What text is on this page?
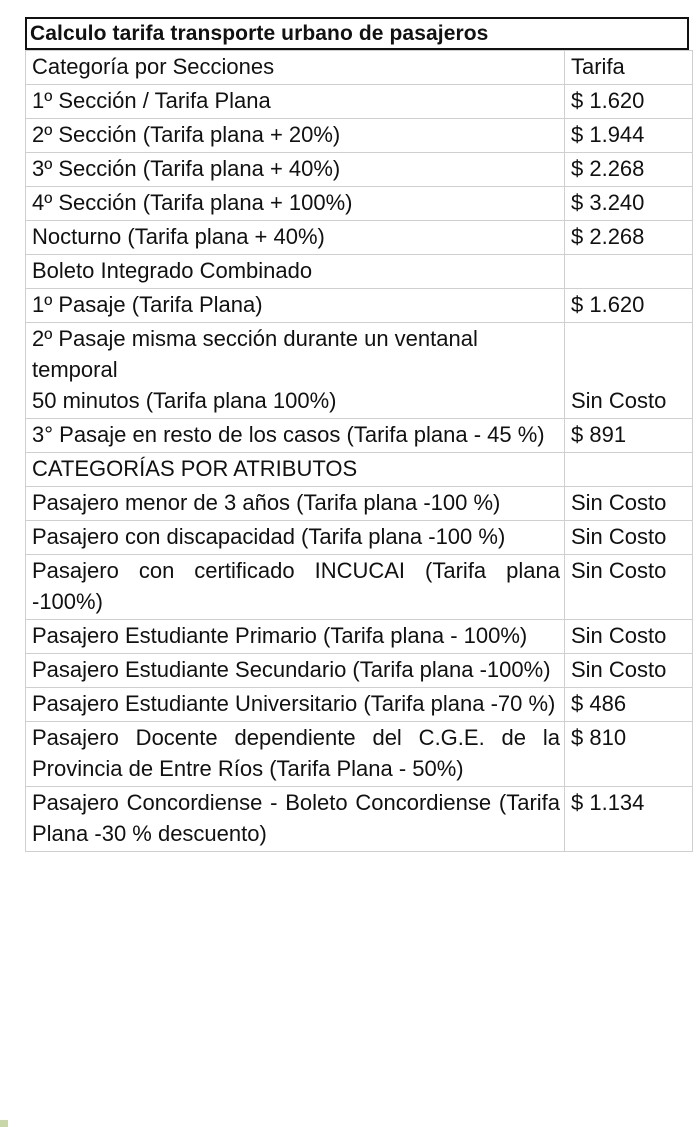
Calculo tarifa transporte urbano de pasajeros
Categoría por Secciones	Tarifa
1º Sección / Tarifa Plana	$ 1.620
2º Sección (Tarifa plana + 20%)	$ 1.944
3º Sección (Tarifa plana + 40%)	$ 2.268
4º Sección (Tarifa plana + 100%)	$ 3.240
Nocturno (Tarifa plana + 40%)	$ 2.268
Boleto Integrado Combinado	
1º Pasaje (Tarifa Plana)	$ 1.620

2º Pasaje misma sección durante un ventanal temporal
50 minutos (Tarifa plana 100%)	Sin Costo
3° Pasaje en resto de los casos (Tarifa plana - 45 %)	$ 891
CATEGORÍAS POR ATRIBUTOS	
Pasajero menor de 3 años (Tarifa plana -100 %)	Sin Costo
Pasajero con discapacidad (Tarifa plana -100 %)	Sin Costo
Pasajero con certificado INCUCAI (Tarifa plana -100%)	Sin Costo
Pasajero Estudiante Primario (Tarifa plana - 100%)	Sin Costo
Pasajero Estudiante Secundario (Tarifa plana -100%)	Sin Costo
Pasajero Estudiante Universitario (Tarifa plana -70 %)	$ 486
Pasajero Docente dependiente del C.G.E. de la Provincia de Entre Ríos (Tarifa Plana - 50%)	$ 810
Pasajero Concordiense - Boleto Concordiense (Tarifa Plana -30 % descuento)	$ 1.134
